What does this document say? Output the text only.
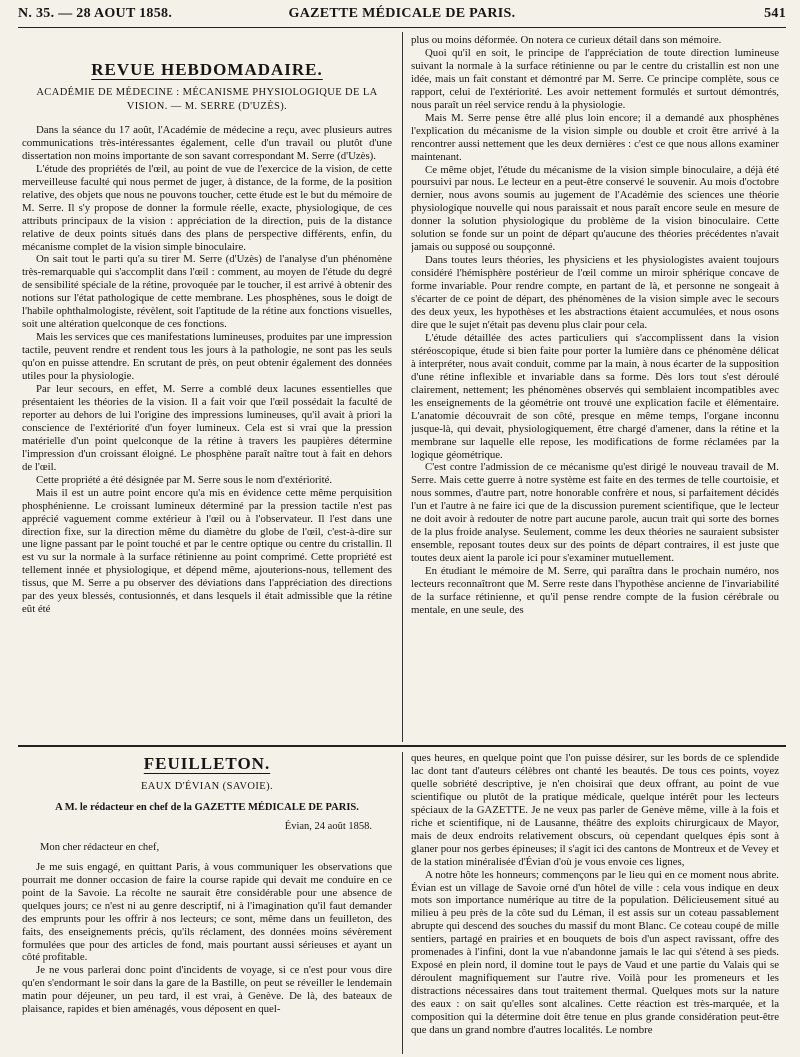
N. 35. — 28 AOUT 1858.	GAZETTE MÉDICALE DE PARIS.	541
REVUE HEBDOMADAIRE.
ACADÉMIE DE MÉDECINE : MÉCANISME PHYSIOLOGIQUE DE LA VISION. — M. SERRE (D'UZÈS).

Dans la séance du 17 août, l'Académie de médecine a reçu, avec plusieurs autres communications très-intéressantes également, celle d'un travail ou plutôt d'une dissertation non moins importante de son savant correspondant M. Serre (d'Uzès).

L'étude des propriétés de l'œil, au point de vue de l'exercice de la vision, de cette merveilleuse faculté qui nous permet de juger, à distance, de la forme, de la position relative, des objets que nous ne pouvons toucher, cette étude est le but du mémoire de M. Serre. Il s'y propose de donner la formule réelle, exacte, physiologique, de ces attributs principaux de la vision : appréciation de la direction, puis de la distance relative de deux points situés dans des plans de perspective différents, enfin, du mécanisme complet de la vision simple binoculaire.

On sait tout le parti qu'a su tirer M. Serre (d'Uzès) de l'analyse d'un phénomène très-remarquable qui s'accomplit dans l'œil : comment, au moyen de l'étude du degré de sensibilité spéciale de la rétine, provoquée par le toucher, il est arrivé à obtenir des notions sur l'état pathologique de cette membrane. Les phosphènes, sous le doigt de l'habile ophthalmologiste, révèlent, soit l'aptitude de la rétine aux fonctions visuelles, soit une altération quelconque de ces fonctions.

Mais les services que ces manifestations lumineuses, produites par une impression tactile, peuvent rendre et rendent tous les jours à la pathologie, ne sont pas les seuls qu'on en puisse attendre. En scrutant de près, on peut obtenir également des données utiles pour la physiologie.

Par leur secours, en effet, M. Serre a comblé deux lacunes essentielles que présentaient les théories de la vision. Il a fait voir que l'œil possédait la faculté de reporter au dehors de lui l'origine des impressions lumineuses, qu'il avait à priori la conscience de l'extériorité d'un foyer lumineux. Cela est si vrai que la pression matérielle d'un point quelconque de la rétine à travers les paupières détermine l'impression d'un croissant éloigné. Le phosphène paraît naître tout à fait en dehors de l'œil.

Cette propriété a été désignée par M. Serre sous le nom d'extériorité.

Mais il est un autre point encore qu'a mis en évidence cette même perquisition phosphénienne. Le croissant lumineux déterminé par la pression tactile n'est pas apprécié vaguement comme extérieur à l'œil ou à l'observateur. Il l'est dans une direction fixe, sur la direction même du diamètre du globe de l'œil, c'est-à-dire sur une ligne passant par le point touché et par le centre optique ou centre du cristallin. Il est vu sur la normale à la surface rétinienne au point comprimé. Cette propriété est tellement innée et physiologique, et dépend même, ajouterions-nous, tellement des tissus, que M. Serre a pu observer des déviations dans l'appréciation des directions par des yeux blessés, contusionnés, et dans lesquels il était admissible que la rétine eût été

plus ou moins déformée. On notera ce curieux détail dans son mémoire.

Quoi qu'il en soit, le principe de l'appréciation de toute direction lumineuse suivant la normale à la surface rétinienne ou par le centre du cristallin est non une idée, mais un fait constant et démontré par M. Serre. Ce principe complète, sous ce rapport, celui de l'extériorité. Les avoir nettement formulés et surtout démontrés, nous paraît un réel service rendu à la physiologie.

Mais M. Serre pense être allé plus loin encore; il a demandé aux phosphènes l'explication du mécanisme de la vision simple ou double et croit être arrivé à la rencontrer aussi nettement que les deux dernières : c'est ce que nous allons examiner maintenant.

Ce même objet, l'étude du mécanisme de la vision simple binoculaire, a déjà été poursuivi par nous. Le lecteur en a peut-être conservé le souvenir. Au mois d'octobre dernier, nous avons soumis au jugement de l'Académie des sciences une théorie physiologique nouvelle qui nous paraissait et nous paraît encore seule en mesure de donner la solution physiologique du problème de la vision binoculaire. Cette solution se fonde sur un point de départ qu'aucune des théories précédentes n'avait jamais ou supposé ou soupçonné.

Dans toutes leurs théories, les physiciens et les physiologistes avaient toujours considéré l'hémisphère postérieur de l'œil comme un miroir sphérique concave de forme invariable. Pour rendre compte, en partant de là, et personne ne songeait à s'écarter de ce point de départ, des phénomènes de la vision simple avec le secours des deux yeux, les hypothèses et les abstractions étaient accumulées, et nous osons dire que le sujet n'était pas devenu plus clair pour cela.

L'étude détaillée des actes particuliers qui s'accomplissent dans la vision stéréoscopique, étude si bien faite pour porter la lumière dans ce phénomène délicat à interpréter, nous avait conduit, comme par la main, à nous écarter de la supposition d'une rétine inflexible et invariable dans sa forme. Dès lors tout s'est déroulé clairement, nettement; les phénomènes observés qui semblaient incompatibles avec les enseignements de la géométrie ont trouvé une explication facile et élémentaire. L'anatomie découvrait de son côté, presque en même temps, l'organe inconnu jusque-là, qui devait, physiologiquement, être chargé d'amener, dans la rétine et la membrane sur laquelle elle repose, les modifications de forme réclamées par la logique géométrique.

C'est contre l'admission de ce mécanisme qu'est dirigé le nouveau travail de M. Serre. Mais cette guerre à notre système est faite en des termes de telle courtoisie, et nous sommes, d'autre part, notre honorable confrère et nous, si parfaitement décidés l'un et l'autre à ne faire ici que de la discussion purement scientifique, que le lecteur ne doit avoir à redouter de notre part aucune parole, aucun trait qui sorte des bornes de la plus froide analyse. Seulement, comme les deux théories ne sauraient subsister ensemble, reposant toutes deux sur des points de départ contraires, il est juste que toutes deux aient la parole ici pour s'examiner mutuellement.

En étudiant le mémoire de M. Serre, qui paraîtra dans le prochain numéro, nos lecteurs reconnaîtront que M. Serre reste dans l'hypothèse ancienne de l'invariabilité de la surface rétinienne, et qu'il pense rendre compte de la fusion cérébrale ou mentale, en une seule, des

FEUILLETON.
EAUX D'ÉVIAN (SAVOIE).
A M. le rédacteur en chef de la GAZETTE MÉDICALE DE PARIS.
Évian, 24 août 1858.
Mon cher rédacteur en chef,

Je me suis engagé, en quittant Paris, à vous communiquer les observations que pourrait me donner occasion de faire la course rapide qui devait me conduire en ce point de la Savoie. La récolte ne saurait être considérable pour une absence de quelques jours; ce n'est ni au genre descriptif, ni à l'imagination qu'il faut demander des emprunts pour les offrir à nos lecteurs; ce sont, même dans un feuilleton, des faits, des enseignements précis, qu'ils réclament, des données moins sévèrement formulées que pour des articles de fond, mais pourtant aussi sérieuses et ayant un côté profitable.

Je ne vous parlerai donc point d'incidents de voyage, si ce n'est pour vous dire qu'en s'endormant le soir dans la gare de la Bastille, on peut se réveiller le lendemain matin pour déjeuner, un peu tard, il est vrai, à Genève. De là, des bateaux de plaisance, rapides et bien aménagés, vous déposent en quel-

ques heures, en quelque point que l'on puisse désirer, sur les bords de ce splendide lac dont tant d'auteurs célèbres ont chanté les beautés. De tous ces points, voyez quelle sobriété descriptive, je n'en choisirai que deux offrant, au point de vue scientifique ou plutôt de la pratique médicale, quelque intérêt pour les lecteurs spéciaux de la GAZETTE. Je ne veux pas parler de Genève même, ville à la fois et riche et scientifique, ni de Lausanne, théâtre des exploits chirurgicaux de Mayor, mais de deux endroits relativement obscurs, où cependant quelques épis sont à glaner pour nos gerbes épineuses; il s'agit ici des cantons de Montreux et de Vevey et de la station minéralisée d'Évian d'où je vous envoie ces lignes,

A notre hôte les honneurs; commençons par le lieu qui en ce moment nous abrite. Évian est un village de Savoie orné d'un hôtel de ville : cela vous indique en deux mots son importance numérique au titre de la population. Délicieusement situé au milieu à peu près de la côte sud du Léman, il est assis sur un coteau passablement abrupte qui descend des souches du massif du mont Blanc. Ce coteau coupé de mille sentiers, partagé en prairies et en bouquets de bois d'un aspect ravissant, offre des promenades à l'infini, dont la vue n'abandonne jamais le lac qui s'étend à ses pieds. Exposé en plein nord, il domine tout le pays de Vaud et une partie du Valais qui se déroulent magnifiquement sur l'autre rive. Voilà pour les promeneurs et les distractions nécessaires dans tout traitement thermal. Quelques mots sur la nature des eaux : on sait qu'elles sont alcalines. Cette réaction est très-marquée, et la composition qui la détermine doit être tenue en plus grande considération peut-être que dans un grand nombre d'autres localités. Le nombre
